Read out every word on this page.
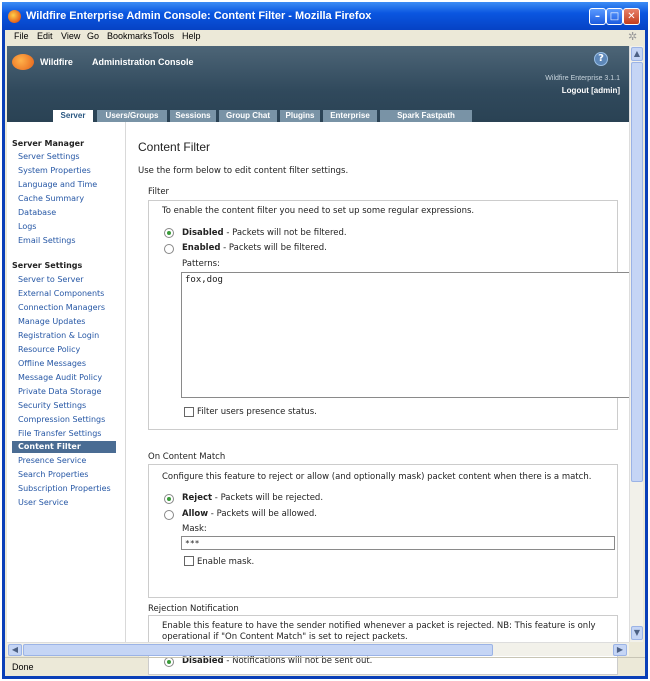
Wildfire Enterprise Admin Console: Content Filter - Mozilla Firefox	– □ ✕
File Edit View Go Bookmarks Tools Help	✲
Wildfire Administration Console	?
Wildfire Enterprise 3.1.1
Logout [admin]
Server	Users/Groups	Sessions	Group Chat	Plugins	Enterprise	Spark Fastpath
Server Manager
Server Settings
System Properties
Language and Time
Cache Summary
Database
Logs
Email Settings
Server Settings
Server to Server
External Components
Connection Managers
Manage Updates
Registration & Login
Resource Policy
Offline Messages
Message Audit Policy
Private Data Storage
Security Settings
Compression Settings
File Transfer Settings
Content Filter
Presence Service
Search Properties
Subscription Properties
User Service
Content Filter
Use the form below to edit content filter settings.
Filter
To enable the content filter you need to set up some regular expressions.
Disabled - Packets will not be filtered.
Enabled - Packets will be filtered.
Patterns:
fox,dog
Filter users presence status.
On Content Match
Configure this feature to reject or allow (and optionally mask) packet content when there is a match.
Reject - Packets will be rejected.
Allow - Packets will be allowed.
Mask:
***
Enable mask.
Rejection Notification
Enable this feature to have the sender notified whenever a packet is rejected. NB: This feature is only
operational if "On Content Match" is set to reject packets.
Disabled - Notifications will not be sent out.
▲
▼
◀	▶
Done
